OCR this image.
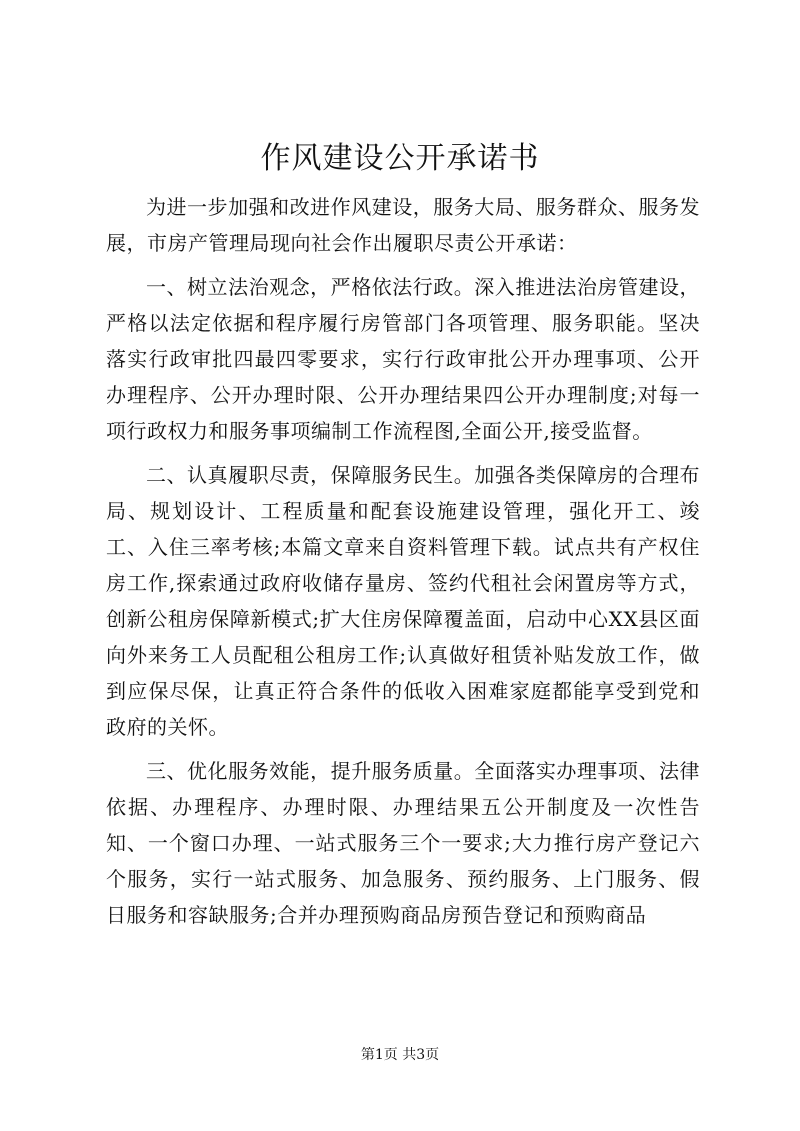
作风建设公开承诺书

为进一步加强和改进作风建设，服务大局、服务群众、服务发展，市房产管理局现向社会作出履职尽责公开承诺：

一、树立法治观念，严格依法行政。深入推进法治房管建设，严格以法定依据和程序履行房管部门各项管理、服务职能。坚决落实行政审批四最四零要求，实行行政审批公开办理事项、公开办理程序、公开办理时限、公开办理结果四公开办理制度;对每一项行政权力和服务事项编制工作流程图,全面公开,接受监督。

二、认真履职尽责，保障服务民生。加强各类保障房的合理布局、规划设计、工程质量和配套设施建设管理，强化开工、竣工、入住三率考核;本篇文章来自资料管理下载。试点共有产权住房工作,探索通过政府收储存量房、签约代租社会闲置房等方式，创新公租房保障新模式;扩大住房保障覆盖面，启动中心XX县区面向外来务工人员配租公租房工作;认真做好租赁补贴发放工作，做到应保尽保，让真正符合条件的低收入困难家庭都能享受到党和政府的关怀。

三、优化服务效能，提升服务质量。全面落实办理事项、法律依据、办理程序、办理时限、办理结果五公开制度及一次性告知、一个窗口办理、一站式服务三个一要求;大力推行房产登记六个服务，实行一站式服务、加急服务、预约服务、上门服务、假日服务和容缺服务;合并办理预购商品房预告登记和预购商品

第1页 共3页
